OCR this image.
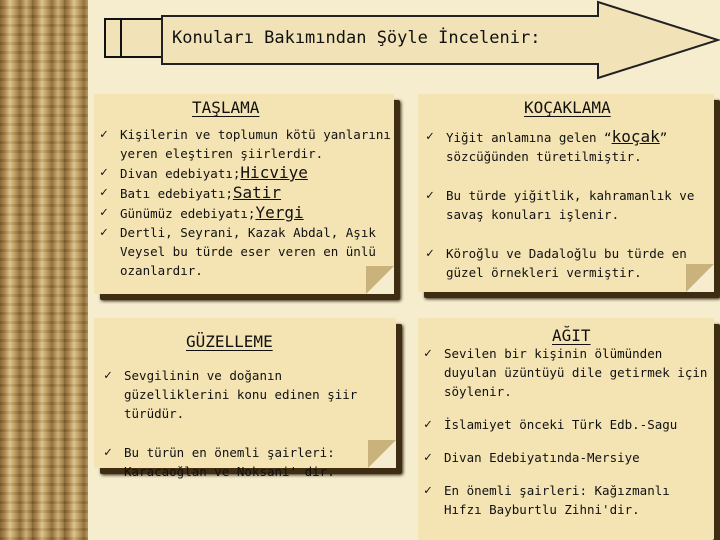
Konuları Bakımından Şöyle İncelenir:
TAŞLAMA
✓ Kişilerin ve toplumun kötü yanlarını yeren eleştiren şiirlerdir.
✓ Divan edebiyatı;Hicviye
✓ Batı edebiyatı;Satir
✓ Günümüz edebiyatı;Yergi
✓ Dertli, Seyrani, Kazak Abdal, Aşık Veysel bu türde eser veren en ünlü ozanlardır.
KOÇAKLAMA
✓ Yiğit anlamına gelen “koçak” sözcüğünden türetilmiştir.
✓ Bu türde yiğitlik, kahramanlık ve savaş konuları işlenir.
✓ Köroğlu ve Dadaloğlu bu türde en güzel örnekleri vermiştir.
GÜZELLEME
✓ Sevgilinin ve doğanın güzelliklerini konu edinen şiir türüdür.
✓ Bu türün en önemli şairleri: Karacaoğlan ve Noksani' dir.
AĞIT
✓ Sevilen bir kişinin ölümünden duyulan üzüntüyü dile getirmek için söylenir.
✓ İslamiyet önceki Türk Edb.-Sagu
✓ Divan Edebiyatında-Mersiye
✓ En önemli şairleri: Kağızmanlı Hıfzı Bayburtlu Zihni'dir.
